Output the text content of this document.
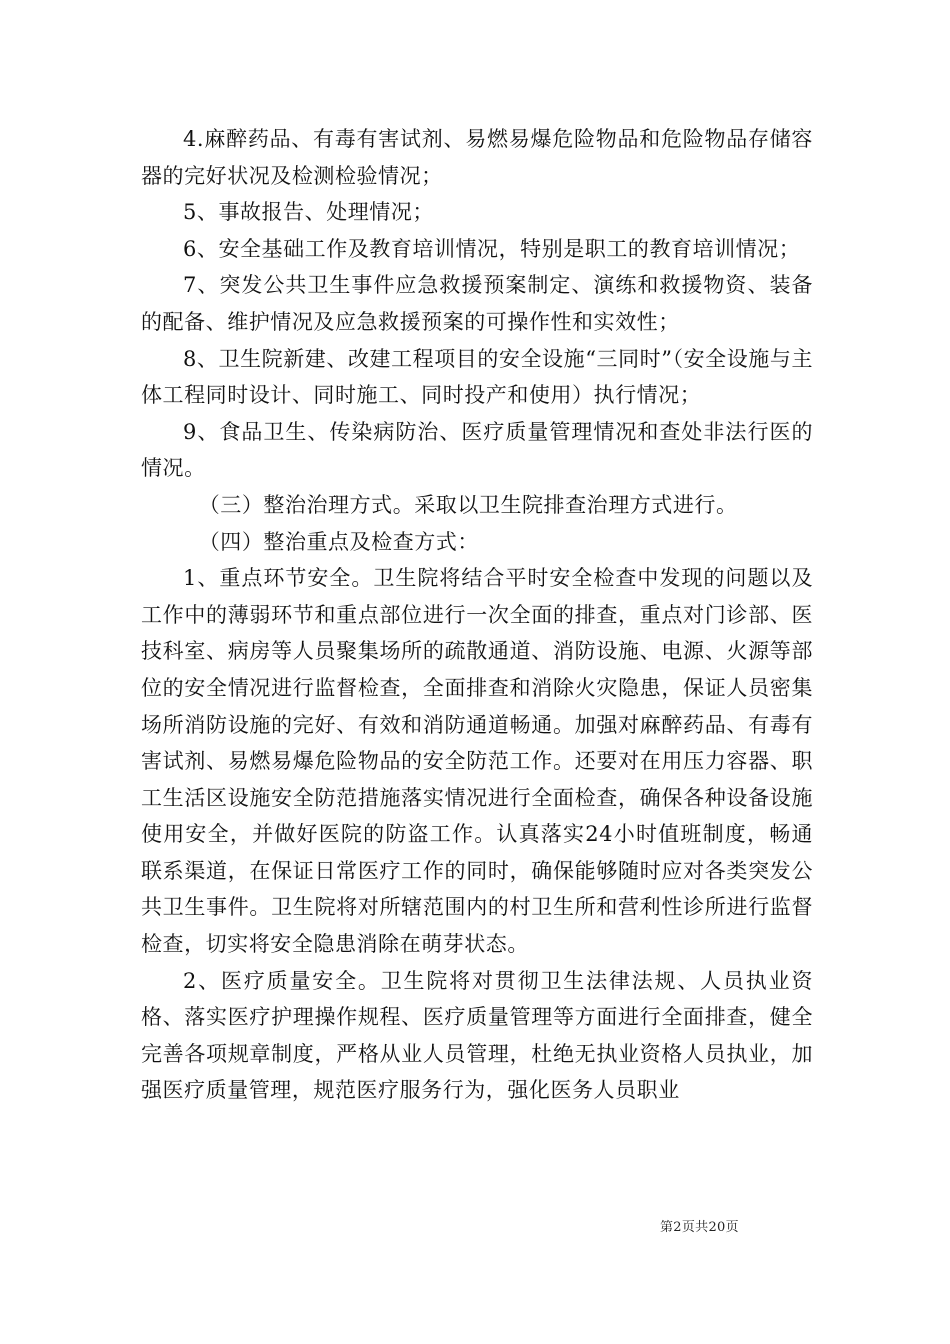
4.麻醉药品、有毒有害试剂、易燃易爆危险物品和危险物品存储容器的完好状况及检测检验情况；

5、事故报告、处理情况；

6、安全基础工作及教育培训情况，特别是职工的教育培训情况；

7、突发公共卫生事件应急救援预案制定、演练和救援物资、装备的配备、维护情况及应急救援预案的可操作性和实效性；

8、卫生院新建、改建工程项目的安全设施“三同时”（安全设施与主体工程同时设计、同时施工、同时投产和使用）执行情况；

9、食品卫生、传染病防治、医疗质量管理情况和查处非法行医的情况。

（三）整治治理方式。采取以卫生院排查治理方式进行。

（四）整治重点及检查方式：

1、重点环节安全。卫生院将结合平时安全检查中发现的问题以及工作中的薄弱环节和重点部位进行一次全面的排查，重点对门诊部、医技科室、病房等人员聚集场所的疏散通道、消防设施、电源、火源等部位的安全情况进行监督检查，全面排查和消除火灾隐患，保证人员密集场所消防设施的完好、有效和消防通道畅通。加强对麻醉药品、有毒有害试剂、易燃易爆危险物品的安全防范工作。还要对在用压力容器、职工生活区设施安全防范措施落实情况进行全面检查，确保各种设备设施使用安全，并做好医院的防盗工作。认真落实24小时值班制度，畅通联系渠道，在保证日常医疗工作的同时，确保能够随时应对各类突发公共卫生事件。卫生院将对所辖范围内的村卫生所和营利性诊所进行监督检查，切实将安全隐患消除在萌芽状态。

2、医疗质量安全。卫生院将对贯彻卫生法律法规、人员执业资格、落实医疗护理操作规程、医疗质量管理等方面进行全面排查，健全完善各项规章制度，严格从业人员管理，杜绝无执业资格人员执业，加强医疗质量管理，规范医疗服务行为，强化医务人员职业

第2页共20页
